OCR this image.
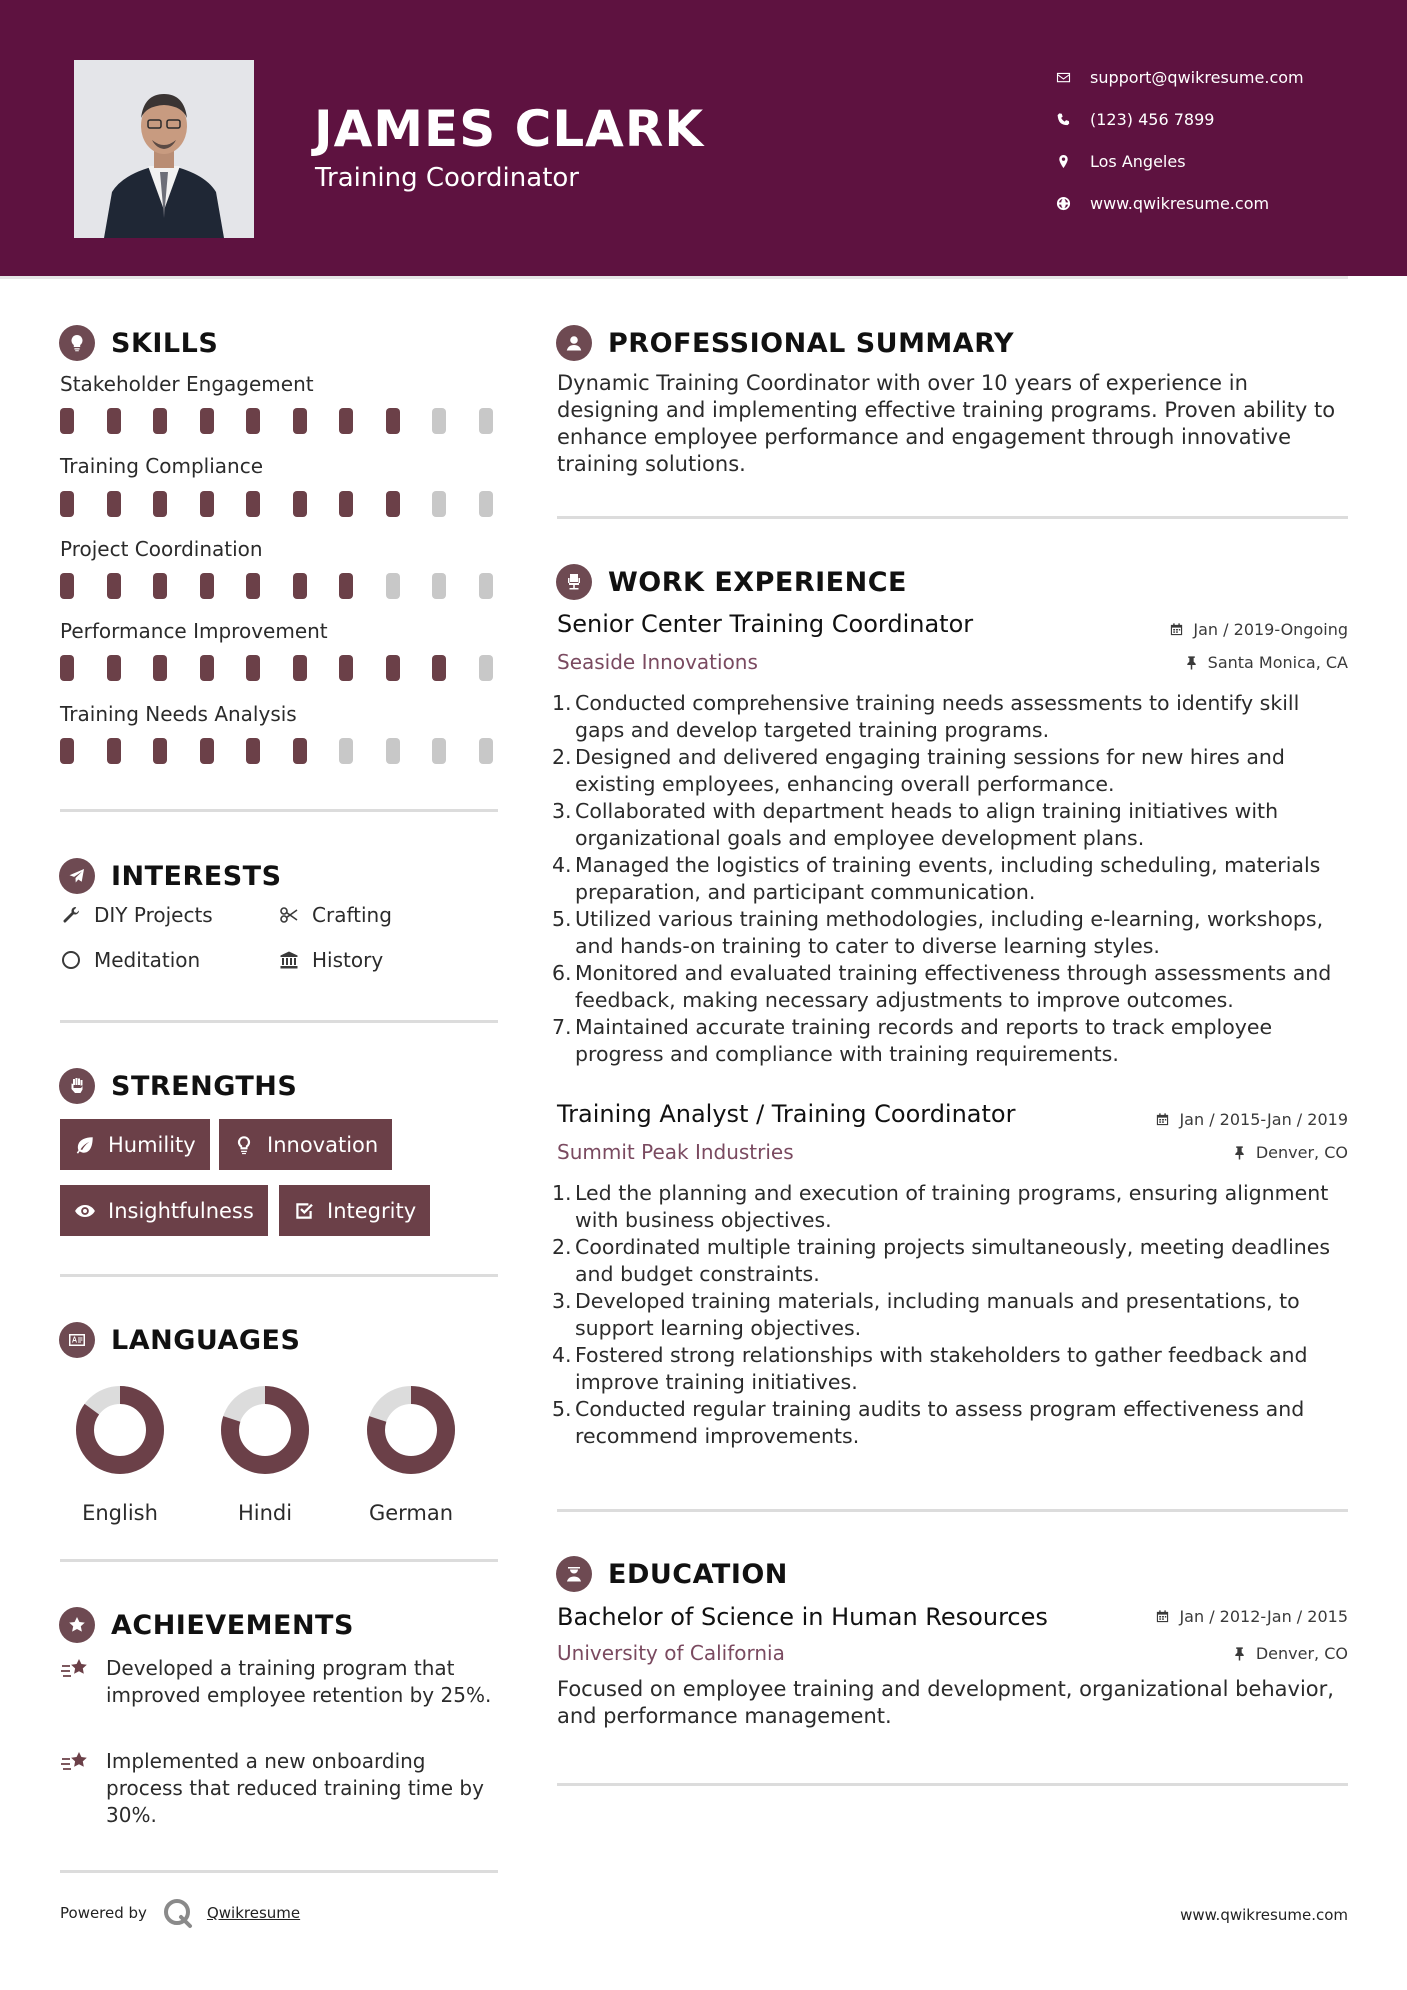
JAMES CLARK
Training Coordinator
support@qwikresume.com
(123) 456 7899
Los Angeles
www.qwikresume.com
SKILLS
Stakeholder Engagement
Training Compliance
Project Coordination
Performance Improvement
Training Needs Analysis
INTERESTS
DIY Projects	Crafting
Meditation	History
STRENGTHS
Humility	Innovation
Insightfulness	Integrity
LANGUAGES
English	Hindi	German
ACHIEVEMENTS
Developed a training program that improved employee retention by 25%.
Implemented a new onboarding process that reduced training time by 30%.
PROFESSIONAL SUMMARY
Dynamic Training Coordinator with over 10 years of experience in designing and implementing effective training programs. Proven ability to enhance employee performance and engagement through innovative training solutions.
WORK EXPERIENCE
Senior Center Training Coordinator	Jan / 2019-Ongoing
Seaside Innovations	Santa Monica, CA
1. Conducted comprehensive training needs assessments to identify skill gaps and develop targeted training programs.
2. Designed and delivered engaging training sessions for new hires and existing employees, enhancing overall performance.
3. Collaborated with department heads to align training initiatives with organizational goals and employee development plans.
4. Managed the logistics of training events, including scheduling, materials preparation, and participant communication.
5. Utilized various training methodologies, including e-learning, workshops, and hands-on training to cater to diverse learning styles.
6. Monitored and evaluated training effectiveness through assessments and feedback, making necessary adjustments to improve outcomes.
7. Maintained accurate training records and reports to track employee progress and compliance with training requirements.
Training Analyst / Training Coordinator	Jan / 2015-Jan / 2019
Summit Peak Industries	Denver, CO
1. Led the planning and execution of training programs, ensuring alignment with business objectives.
2. Coordinated multiple training projects simultaneously, meeting deadlines and budget constraints.
3. Developed training materials, including manuals and presentations, to support learning objectives.
4. Fostered strong relationships with stakeholders to gather feedback and improve training initiatives.
5. Conducted regular training audits to assess program effectiveness and recommend improvements.
EDUCATION
Bachelor of Science in Human Resources	Jan / 2012-Jan / 2015
University of California	Denver, CO
Focused on employee training and development, organizational behavior, and performance management.
Powered by	Qwikresume	www.qwikresume.com
